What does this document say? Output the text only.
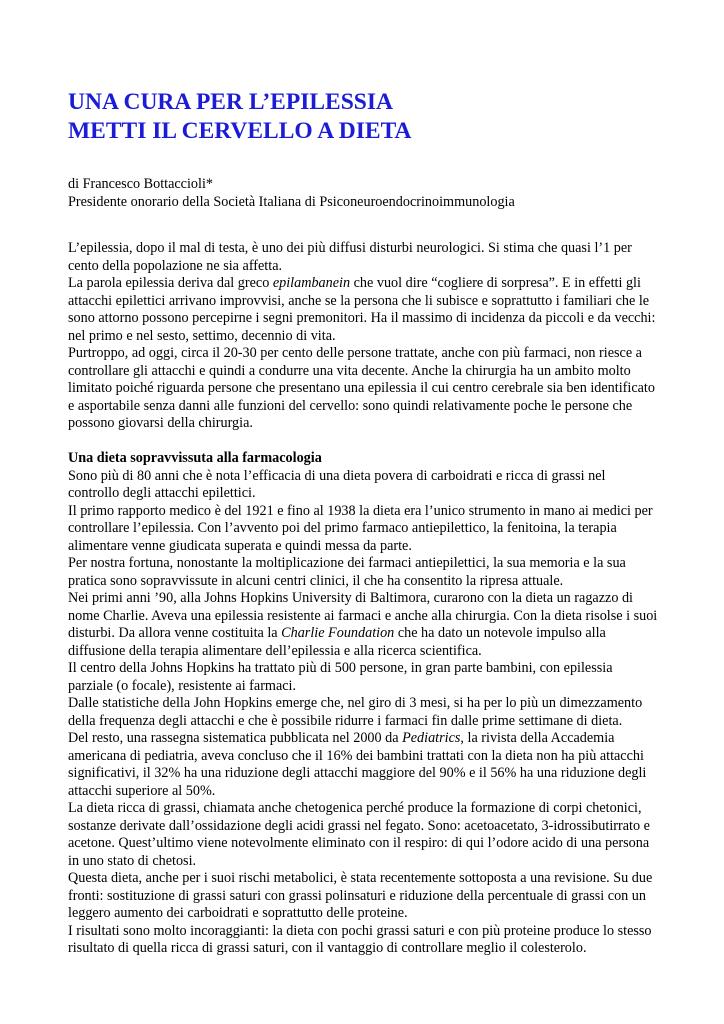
UNA CURA PER L’EPILESSIA
METTI IL CERVELLO A DIETA

di Francesco Bottaccioli*

Presidente onorario della Società Italiana di Psiconeuroendocrinoimmunologia

L’epilessia, dopo il mal di testa, è uno dei più diffusi disturbi neurologici. Si stima che quasi l’1 per cento della popolazione ne sia affetta.

La parola epilessia deriva dal greco epilambanein che vuol dire “cogliere di sorpresa”. E in effetti gli attacchi epilettici arrivano improvvisi, anche se la persona che li subisce e soprattutto i familiari che le sono attorno possono percepirne i segni premonitori. Ha il massimo di incidenza da piccoli e da vecchi: nel primo e nel sesto, settimo, decennio di vita.

Purtroppo, ad oggi, circa il 20-30 per cento delle persone trattate, anche con più farmaci, non riesce a controllare gli attacchi e quindi a condurre una vita decente. Anche la chirurgia ha un ambito molto limitato poiché riguarda persone che presentano una epilessia il cui centro cerebrale sia ben identificato e asportabile senza danni alle funzioni del cervello: sono quindi relativamente poche le persone che possono giovarsi della chirurgia.

Una dieta sopravvissuta alla farmacologia

Sono più di 80 anni che è nota l’efficacia di una dieta povera di carboidrati e ricca di grassi nel controllo degli attacchi epilettici.

Il primo rapporto medico è del 1921 e fino al 1938 la dieta era l’unico strumento in mano ai medici per controllare l’epilessia. Con l’avvento poi del primo farmaco antiepilettico, la fenitoina, la terapia alimentare venne giudicata superata e quindi messa da parte.

Per nostra fortuna, nonostante la moltiplicazione dei farmaci antiepilettici, la sua memoria e la sua pratica sono sopravvissute in alcuni centri clinici, il che ha consentito la ripresa attuale.

Nei primi anni ’90, alla Johns Hopkins University di Baltimora, curarono con la dieta un ragazzo di nome Charlie. Aveva una epilessia resistente ai farmaci e anche alla chirurgia. Con la dieta risolse i suoi disturbi. Da allora venne costituita la Charlie Foundation che ha dato un notevole impulso alla diffusione della terapia alimentare dell’epilessia e alla ricerca scientifica.

Il centro della Johns Hopkins ha trattato più di 500 persone, in gran parte bambini, con epilessia parziale (o focale), resistente ai farmaci.

Dalle statistiche della John Hopkins emerge che, nel giro di 3 mesi, si ha per lo più un dimezzamento della frequenza degli attacchi e che è possibile ridurre i farmaci fin dalle prime settimane di dieta.

Del resto, una rassegna sistematica pubblicata nel 2000 da Pediatrics, la rivista della Accademia americana di pediatria, aveva concluso che il 16% dei bambini trattati con la dieta non ha più attacchi significativi, il 32% ha una riduzione degli attacchi maggiore del 90% e il 56% ha una riduzione degli attacchi superiore al 50%.

La dieta ricca di grassi, chiamata anche chetogenica perché produce la formazione di corpi chetonici, sostanze derivate dall’ossidazione degli acidi grassi nel fegato. Sono: acetoacetato, 3-idrossibutirrato e acetone. Quest’ultimo viene notevolmente eliminato con il respiro: di qui l’odore acido di una persona in uno stato di chetosi.

Questa dieta, anche per i suoi rischi metabolici, è stata recentemente sottoposta a una revisione. Su due fronti: sostituzione di grassi saturi con grassi polinsaturi e riduzione della percentuale di grassi con un leggero aumento dei carboidrati e soprattutto delle proteine.

I risultati sono molto incoraggianti: la dieta con pochi grassi saturi e con più proteine produce lo stesso risultato di quella ricca di grassi saturi, con il vantaggio di controllare meglio il colesterolo.
